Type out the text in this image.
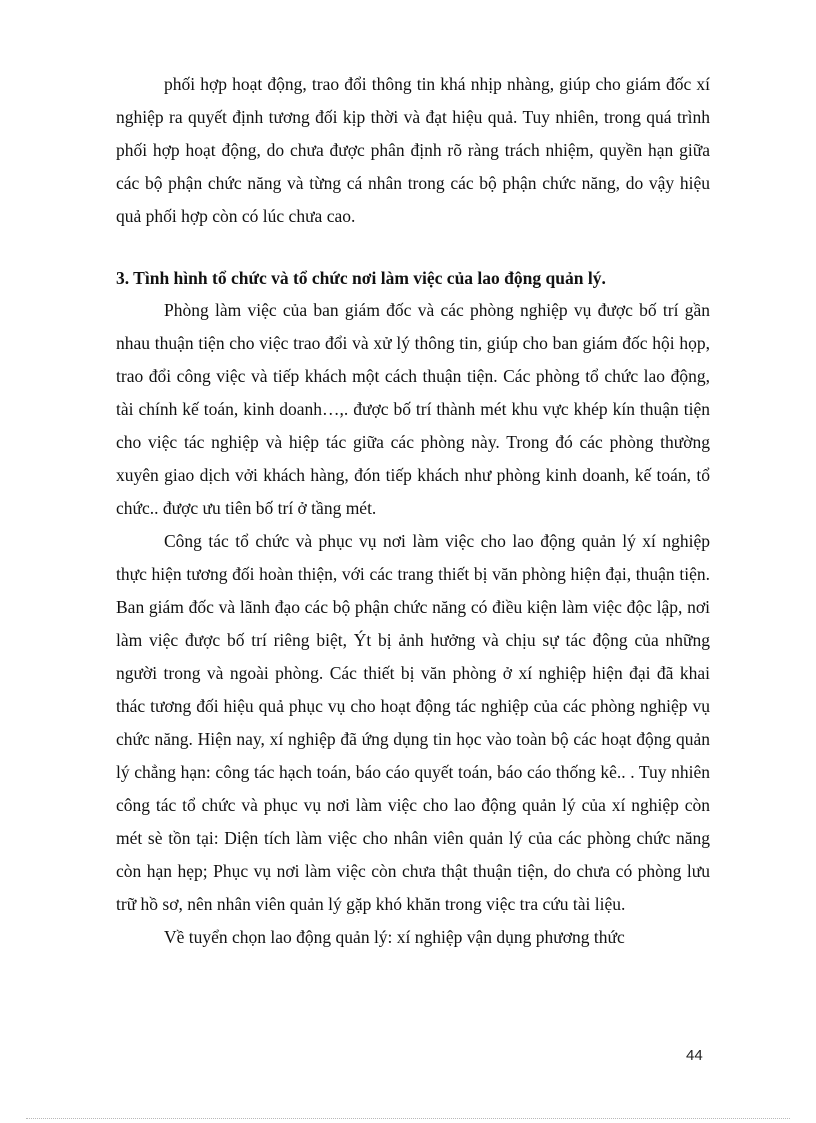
phối hợp hoạt động, trao đổi thông tin khá nhịp nhàng, giúp cho giám đốc xí nghiệp ra quyết định tương đối kịp thời và đạt hiệu quả. Tuy nhiên, trong quá trình phối hợp hoạt động, do chưa được phân định rõ ràng trách nhiệm, quyền hạn giữa các bộ phận chức năng và từng cá nhân trong các bộ phận chức năng, do vậy hiệu quả phối hợp còn có lúc chưa cao.

3. Tình hình tổ chức và tổ chức nơi làm việc của lao động quản lý.

Phòng làm việc của ban giám đốc và các phòng nghiệp vụ được bố trí gần nhau thuận tiện cho việc trao đổi và xử lý thông tin, giúp cho ban giám đốc hội họp, trao đổi công việc và tiếp khách một cách thuận tiện. Các phòng tổ chức lao động, tài chính kế toán, kinh doanh…,. được bố trí thành mét khu vực khép kín thuận tiện cho việc tác nghiệp và hiệp tác giữa các phòng này. Trong đó các phòng thường xuyên giao dịch vởi khách hàng, đón tiếp khách như phòng kinh doanh, kế toán, tổ chức.. được ưu tiên bố trí ở tầng mét.

Công tác tổ chức và phục vụ nơi làm việc cho lao động quản lý xí nghiệp thực hiện tương đối hoàn thiện, với các trang thiết bị văn phòng hiện đại, thuận tiện. Ban giám đốc và lãnh đạo các bộ phận chức năng có điều kiện làm việc độc lập, nơi làm việc được bố trí riêng biệt, Ýt bị ảnh hưởng và chịu sự tác động của những người trong và ngoài phòng. Các thiết bị văn phòng ở xí nghiệp hiện đại đã khai thác tương đối hiệu quả phục vụ cho hoạt động tác nghiệp của các phòng nghiệp vụ chức năng. Hiện nay, xí nghiệp đã ứng dụng tin học vào toàn bộ các hoạt động quản lý chẳng hạn: công tác hạch toán, báo cáo quyết toán, báo cáo thống kê.. . Tuy nhiên công tác tổ chức và phục vụ nơi làm việc cho lao động quản lý của xí nghiệp còn mét sè tồn tại: Diện tích làm việc cho nhân viên quản lý của các phòng chức năng còn hạn hẹp; Phục vụ nơi làm việc còn chưa thật thuận tiện, do chưa có phòng lưu trữ hồ sơ, nên nhân viên quản lý gặp khó khăn trong việc tra cứu tài liệu.

Về tuyển chọn lao động quản lý: xí nghiệp vận dụng phương thức

44
